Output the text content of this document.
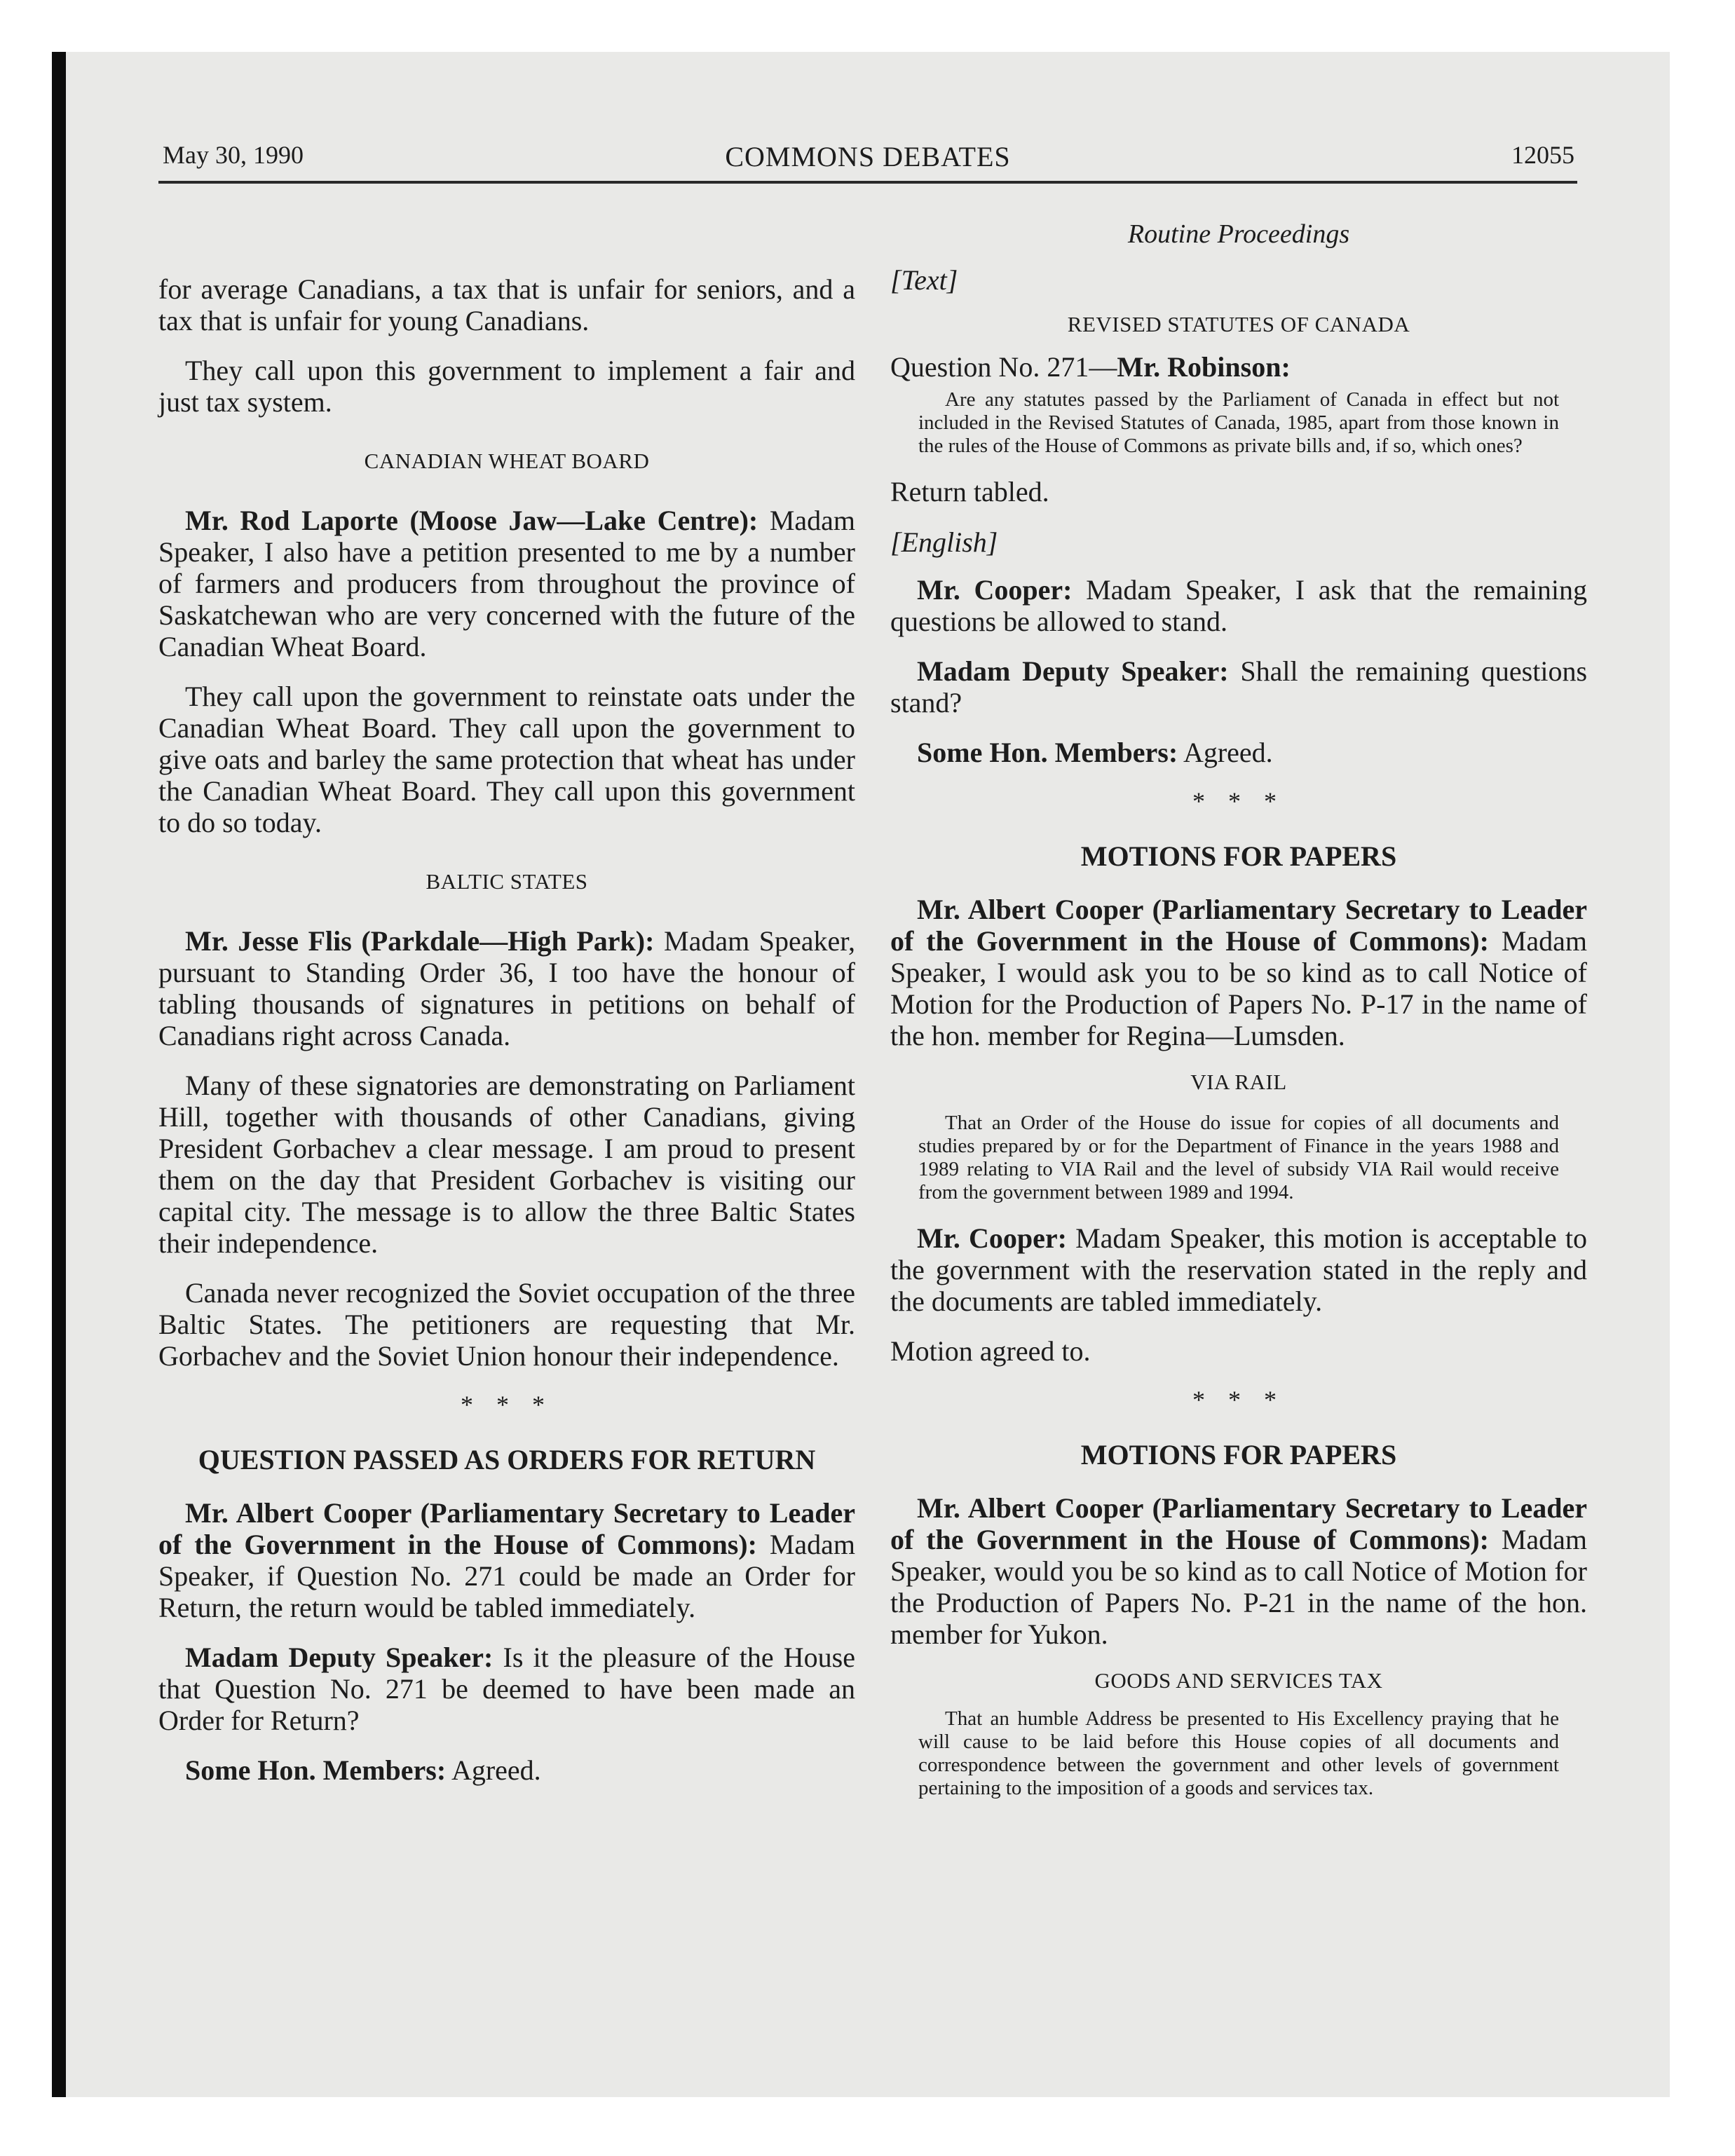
May 30, 1990	COMMONS DEBATES	12055

for average Canadians, a tax that is unfair for seniors, and a tax that is unfair for young Canadians.

They call upon this government to implement a fair and just tax system.

CANADIAN WHEAT BOARD

Mr. Rod Laporte (Moose Jaw—Lake Centre): Madam Speaker, I also have a petition presented to me by a number of farmers and producers from throughout the province of Saskatchewan who are very concerned with the future of the Canadian Wheat Board.

They call upon the government to reinstate oats under the Canadian Wheat Board. They call upon the government to give oats and barley the same protection that wheat has under the Canadian Wheat Board. They call upon this government to do so today.

BALTIC STATES

Mr. Jesse Flis (Parkdale—High Park): Madam Speaker, pursuant to Standing Order 36, I too have the honour of tabling thousands of signatures in petitions on behalf of Canadians right across Canada.

Many of these signatories are demonstrating on Parliament Hill, together with thousands of other Canadians, giving President Gorbachev a clear message. I am proud to present them on the day that President Gorbachev is visiting our capital city. The message is to allow the three Baltic States their independence.

Canada never recognized the Soviet occupation of the three Baltic States. The petitioners are requesting that Mr. Gorbachev and the Soviet Union honour their independence.

* * *
QUESTION PASSED AS ORDERS FOR RETURN

Mr. Albert Cooper (Parliamentary Secretary to Leader of the Government in the House of Commons): Madam Speaker, if Question No. 271 could be made an Order for Return, the return would be tabled immediately.

Madam Deputy Speaker: Is it the pleasure of the House that Question No. 271 be deemed to have been made an Order for Return?

Some Hon. Members: Agreed.

Routine Proceedings
[Text]
REVISED STATUTES OF CANADA

Question No. 271—Mr. Robinson:

Are any statutes passed by the Parliament of Canada in effect but not included in the Revised Statutes of Canada, 1985, apart from those known in the rules of the House of Commons as private bills and, if so, which ones?

Return tabled.

[English]

Mr. Cooper: Madam Speaker, I ask that the remaining questions be allowed to stand.

Madam Deputy Speaker: Shall the remaining questions stand?

Some Hon. Members: Agreed.

* * *
MOTIONS FOR PAPERS

Mr. Albert Cooper (Parliamentary Secretary to Leader of the Government in the House of Commons): Madam Speaker, I would ask you to be so kind as to call Notice of Motion for the Production of Papers No. P-17 in the name of the hon. member for Regina—Lumsden.

VIA RAIL

That an Order of the House do issue for copies of all documents and studies prepared by or for the Department of Finance in the years 1988 and 1989 relating to VIA Rail and the level of subsidy VIA Rail would receive from the government between 1989 and 1994.

Mr. Cooper: Madam Speaker, this motion is acceptable to the government with the reservation stated in the reply and the documents are tabled immediately.

Motion agreed to.

* * *
MOTIONS FOR PAPERS

Mr. Albert Cooper (Parliamentary Secretary to Leader of the Government in the House of Commons): Madam Speaker, would you be so kind as to call Notice of Motion for the Production of Papers No. P-21 in the name of the hon. member for Yukon.

GOODS AND SERVICES TAX

That an humble Address be presented to His Excellency praying that he will cause to be laid before this House copies of all documents and correspondence between the government and other levels of government pertaining to the imposition of a goods and services tax.
